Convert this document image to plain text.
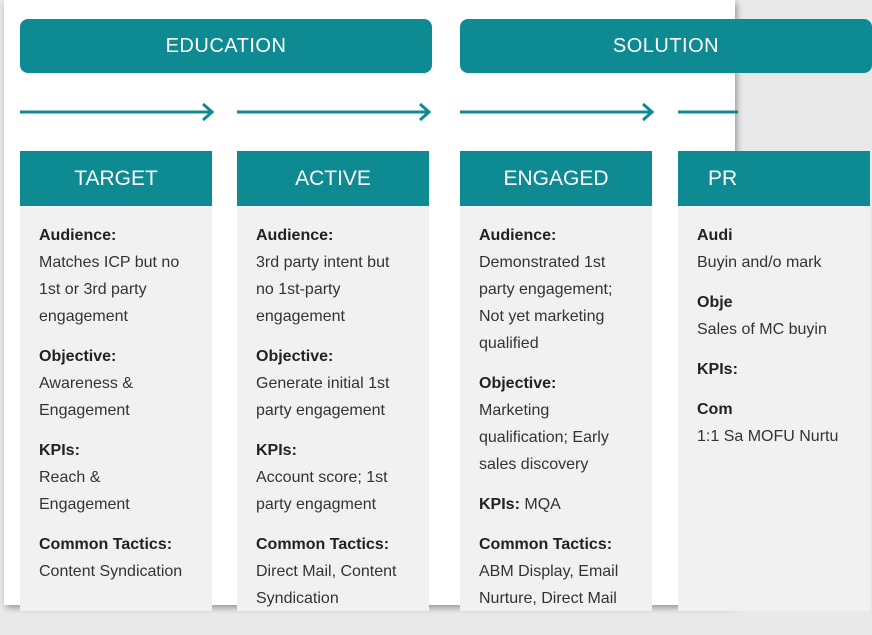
EDUCATION	SOLUTION
TARGET
Audience:
Matches ICP but no 1st or 3rd party engagement
Objective:
Awareness & Engagement
KPIs:
Reach & Engagement
Common Tactics:
Content Syndication
ACTIVE
Audience:
3rd party intent but no 1st-party engagement
Objective:
Generate initial 1st party engagement
KPIs:
Account score; 1st party engagment
Common Tactics:
Direct Mail, Content Syndication
ENGAGED
Audience:
Demonstrated 1st party engagement; Not yet marketing qualified
Objective:
Marketing qualification; Early sales discovery
KPIs: MQA
Common Tactics:
ABM Display, Email Nurture, Direct Mail
PR
Audi
Buyin and/o mark
Obje
Sales of MC buyin
KPIs:
Com
1:1 Sa MOFU Nurtu
